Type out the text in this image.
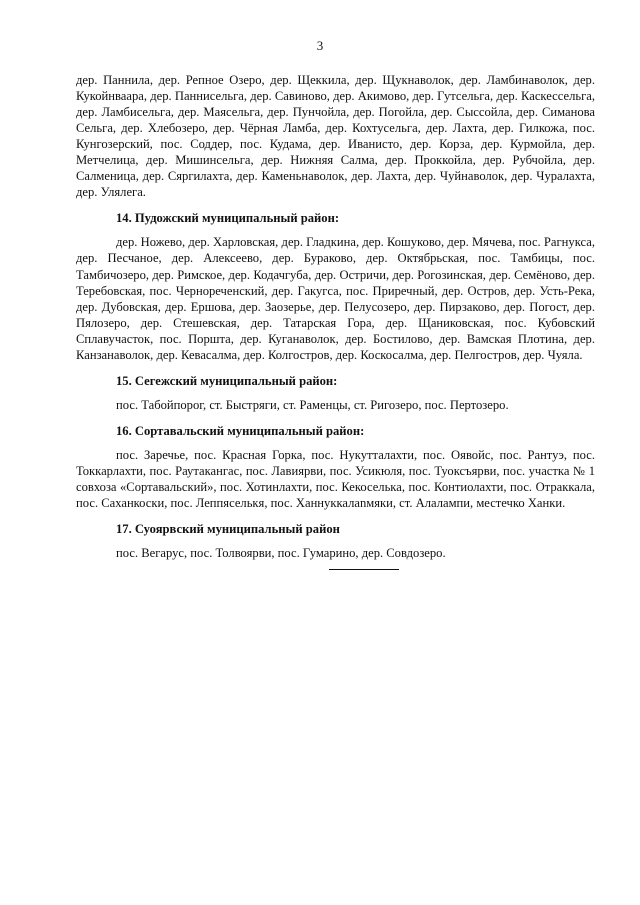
3

дер. Паннила, дер. Репное Озеро, дер. Щеккила, дер. Щукнаволок, дер. Ламбинаволок, дер. Кукойнваара, дер. Паннисельга, дер. Савиново, дер. Акимово, дер. Гутсельга, дер. Каскессельга, дер. Ламбисельга, дер. Маясельга, дер. Пунчойла, дер. Погойла, дер. Сыссойла, дер. Симанова Сельга, дер. Хлебозеро, дер. Чёрная Ламба, дер. Кохтусельга, дер. Лахта, дер. Гилкожа, пос. Кунгозерский, пос. Соддер, пос. Кудама, дер. Иванисто, дер. Корза, дер. Курмойла, дер. Метчелица, дер. Мишинсельга, дер. Нижняя Салма, дер. Проккойла, дер. Рубчойла, дер. Салменица, дер. Сяргилахта, дер. Каменьнаволок, дер. Лахта, дер. Чуйнаволок, дер. Чуралахта, дер. Улялега.

14. Пудожский муниципальный район:

дер. Ножево, дер. Харловская, дер. Гладкина, дер. Кошуково, дер. Мячева, пос. Рагнукса, дер. Песчаное, дер. Алексеево, дер. Бураково, дер. Октябрьская, пос. Тамбицы, пос. Тамбичозеро, дер. Римское, дер. Кодачгуба, дер. Остричи, дер. Рогозинская, дер. Семёново, дер. Теребовская, пос. Чернореченский, дер. Гакугса, пос. Приречный, дер. Остров, дер. Усть-Река, дер. Дубовская, дер. Ершова, дер. Заозерье, дер. Пелусозеро, дер. Пирзаково, дер. Погост, дер. Пялозеро, дер. Стешевская, дер. Татарская Гора, дер. Щаниковская, пос. Кубовский Сплавучасток, пос. Поршта, дер. Куганаволок, дер. Бостилово, дер. Вамская Плотина, дер. Канзанаволок, дер. Кевасалма, дер. Колгостров, дер. Коскосалма, дер. Пелгостров, дер. Чуяла.

15. Сегежский муниципальный район:

пос. Табойпорог, ст. Быстряги, ст. Раменцы, ст. Ригозеро, пос. Пертозеро.

16. Сортавальский муниципальный район:

пос. Заречье, пос. Красная Горка, пос. Нукутталахти, пос. Оявойс, пос. Рантуэ, пос. Токкарлахти, пос. Раутакангас, пос. Лавиярви, пос. Усикюля, пос. Туоксъярви, пос. участка № 1 совхоза «Сортавальский», пос. Хотинлахти, пос. Кекоселька, пос. Контиолахти, пос. Отраккала, пос. Саханкоски, пос. Леппяселькя, пос. Ханнуккалаnмяки, ст. Алалампи, местечко Ханки.

17. Суоярвский муниципальный район

пос. Вегарус, пос. Толвоярви, пос. Гумарино, дер. Совдозеро.
